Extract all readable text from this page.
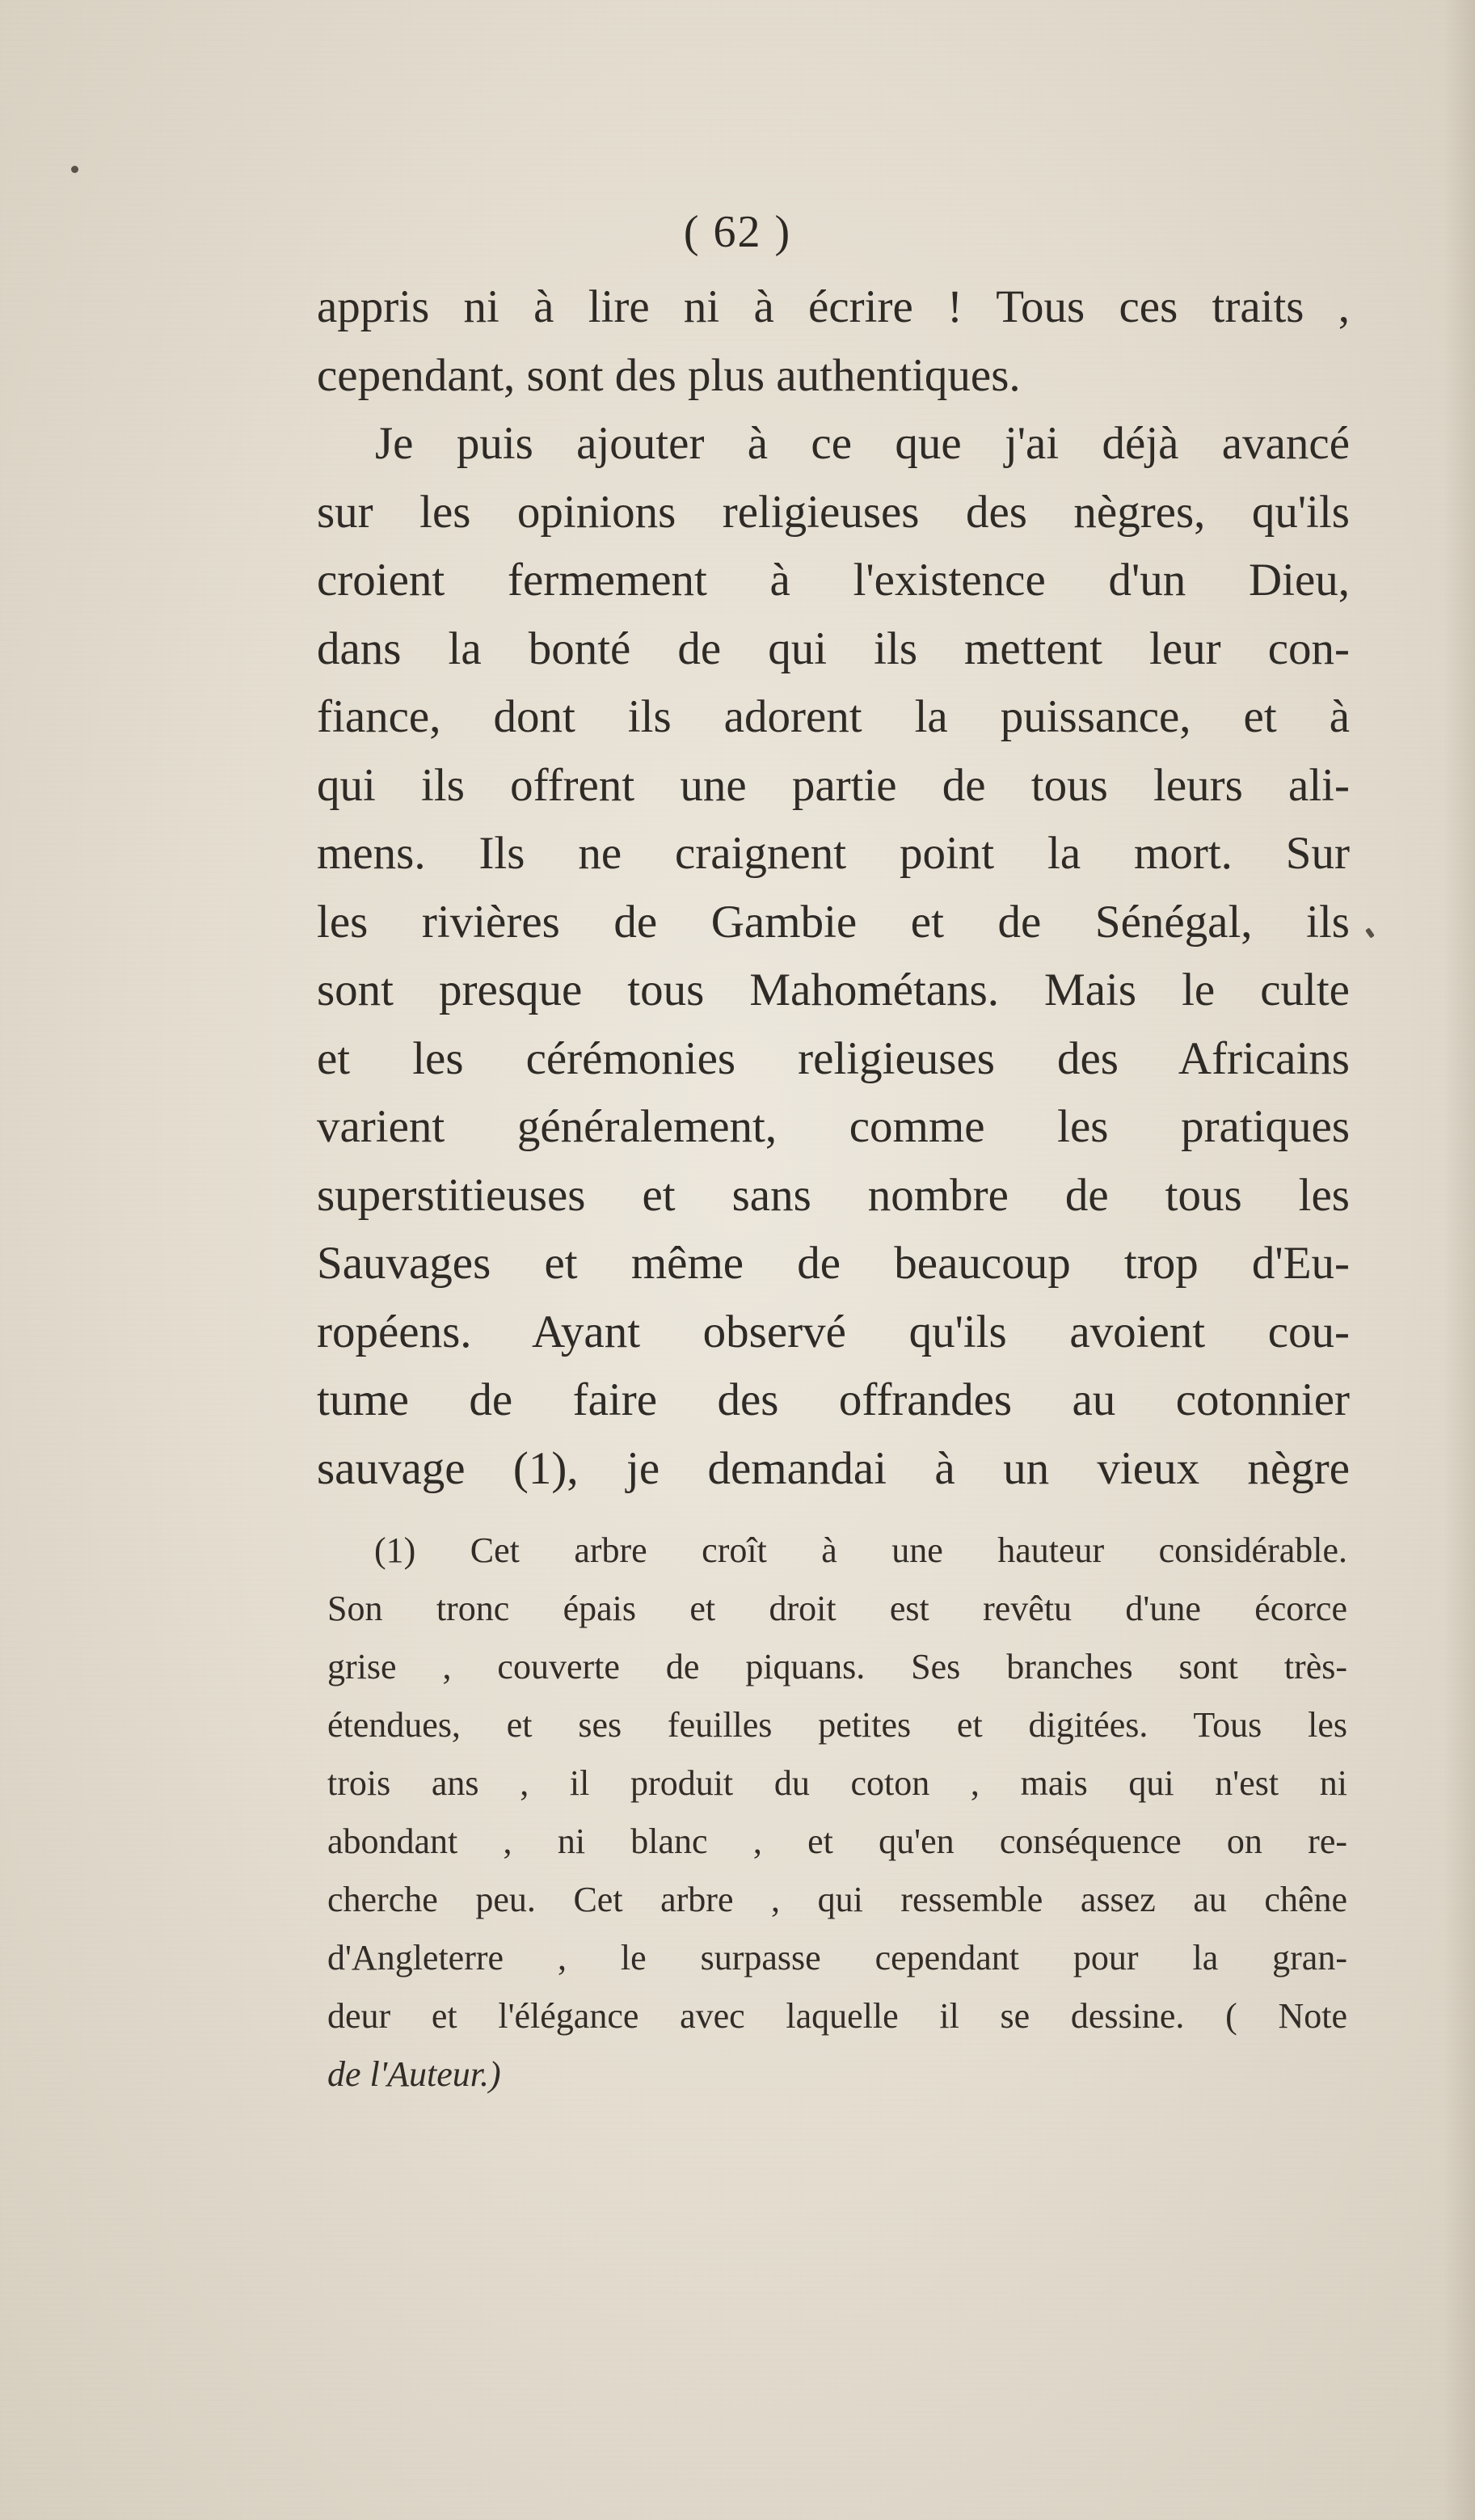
( 62 )
appris ni à lire ni à écrire ! Tous ces traits ,
cependant, sont des plus authentiques.
Je puis ajouter à ce que j'ai déjà avancé
sur les opinions religieuses des nègres, qu'ils
croient fermement à l'existence d'un Dieu,
dans la bonté de qui ils mettent leur con-
fiance, dont ils adorent la puissance, et à
qui ils offrent une partie de tous leurs ali-
mens. Ils ne craignent point la mort. Sur
les rivières de Gambie et de Sénégal, ils
sont presque tous Mahométans. Mais le culte
et les cérémonies religieuses des Africains
varient généralement, comme les pratiques
superstitieuses et sans nombre de tous les
Sauvages et même de beaucoup trop d'Eu-
ropéens. Ayant observé qu'ils avoient cou-
tume de faire des offrandes au cotonnier
sauvage (1), je demandai à un vieux nègre
(1) Cet arbre croît à une hauteur considérable.
Son tronc épais et droit est revêtu d'une écorce
grise , couverte de piquans. Ses branches sont très-
étendues, et ses feuilles petites et digitées. Tous les
trois ans , il produit du coton , mais qui n'est ni
abondant , ni blanc , et qu'en conséquence on re-
cherche peu. Cet arbre , qui ressemble assez au chêne
d'Angleterre , le surpasse cependant pour la gran-
deur et l'élégance avec laquelle il se dessine. ( Note
de l'Auteur.)
